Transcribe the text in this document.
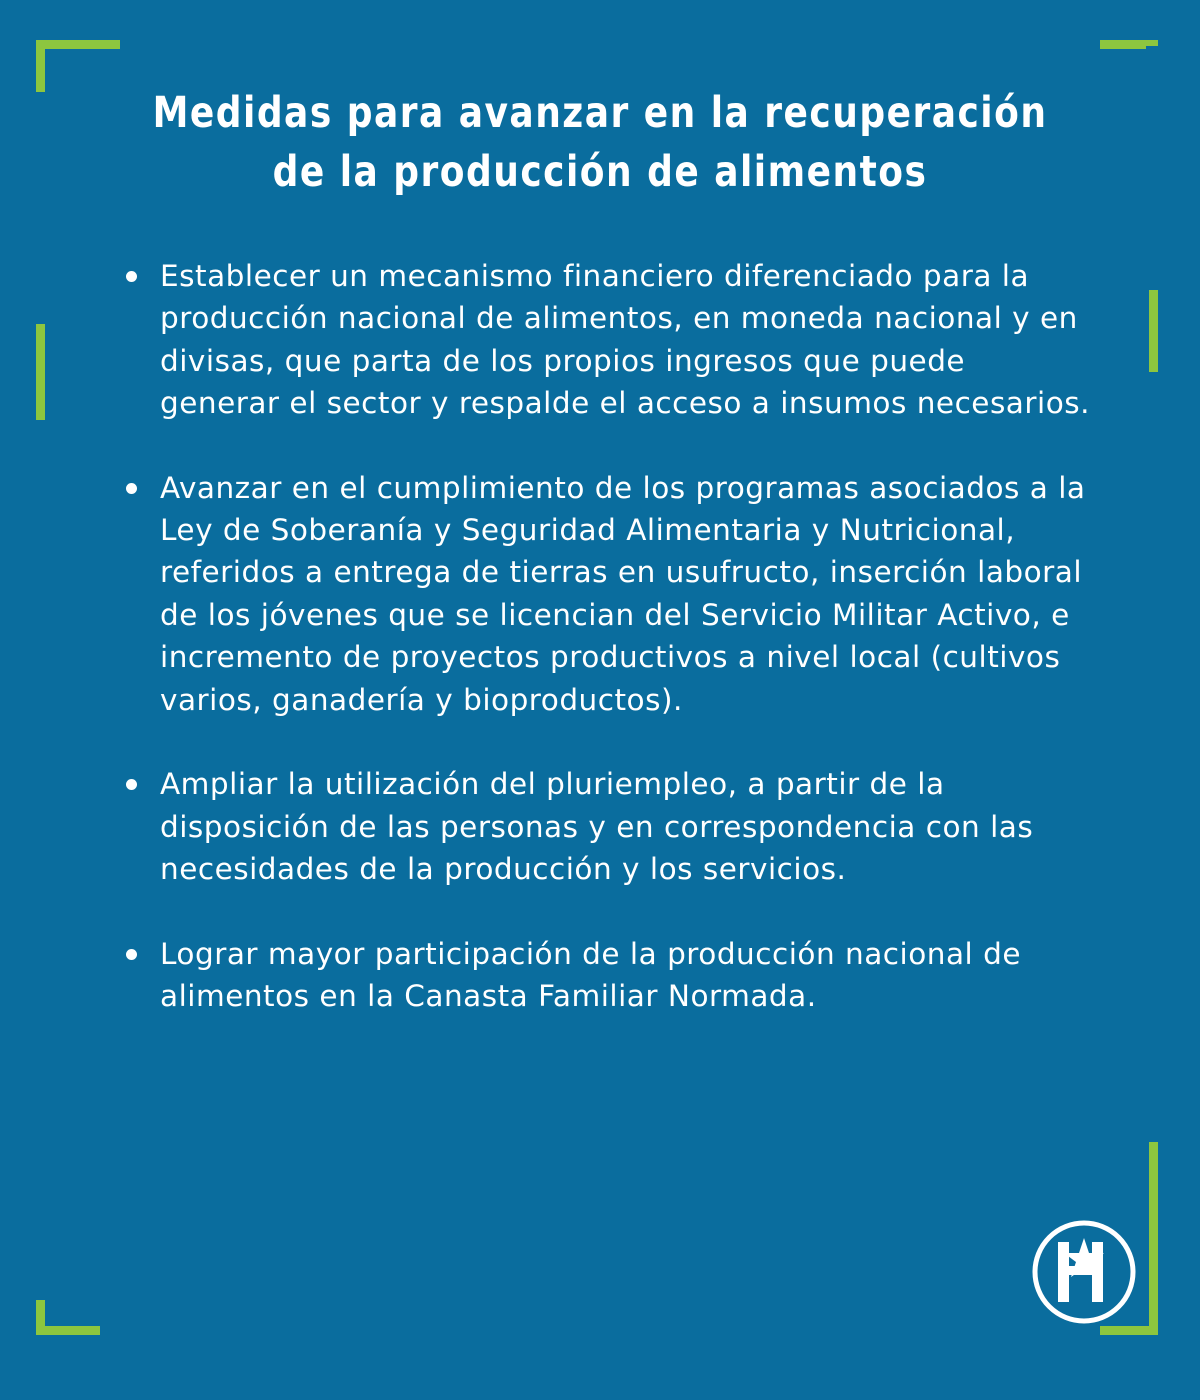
Medidas para avanzar en la recuperación de la producción de alimentos
Establecer un mecanismo financiero diferenciado para la producción nacional de alimentos, en moneda nacional y en divisas, que parta de los propios ingresos que puede generar el sector y respalde el acceso a insumos necesarios.
Avanzar en el cumplimiento de los programas asociados a la Ley de Soberanía y Seguridad Alimentaria y Nutricional, referidos a entrega de tierras en usufructo, inserción laboral de los jóvenes que se licencian del Servicio Militar Activo, e incremento de proyectos productivos a nivel local (cultivos varios, ganadería y bioproductos).
Ampliar la utilización del pluriempleo, a partir de la disposición de las personas y en correspondencia con las necesidades de la producción y los servicios.
Lograr mayor participación de la producción nacional de alimentos en la Canasta Familiar Normada.
